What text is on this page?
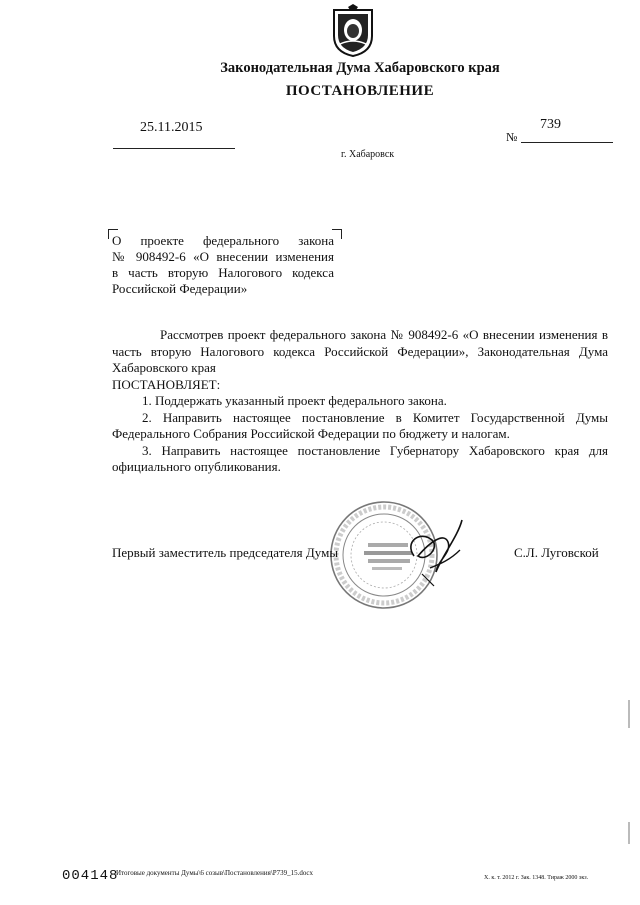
Законодательная Дума Хабаровского края
ПОСТАНОВЛЕНИЕ
25.11.2015	739
№
г. Хабаровск
О проекте федерального закона
№ 908492-6 «О внесении изменения
в часть вторую Налогового кодекса
Российской Федерации»

Рассмотрев проект федерального закона № 908492-6 «О внесении изменения в часть вторую Налогового кодекса Российской Федерации», Законодательная Дума Хабаровского края

ПОСТАНОВЛЯЕТ:

1. Поддержать указанный проект федерального закона.

2. Направить настоящее постановление в Комитет Государственной Думы Федерального Собрания Российской Федерации по бюджету и налогам.

3. Направить настоящее постановление Губернатору Хабаровского края для официального опубликования.

Первый заместитель председателя Думы	С.Л. Луговской
004148
Итоговые документы Думы\6 созыв\Постановления\P739_15.docx
Х. к. т. 2012 г. Зак. 1348. Тираж 2000 экз.
